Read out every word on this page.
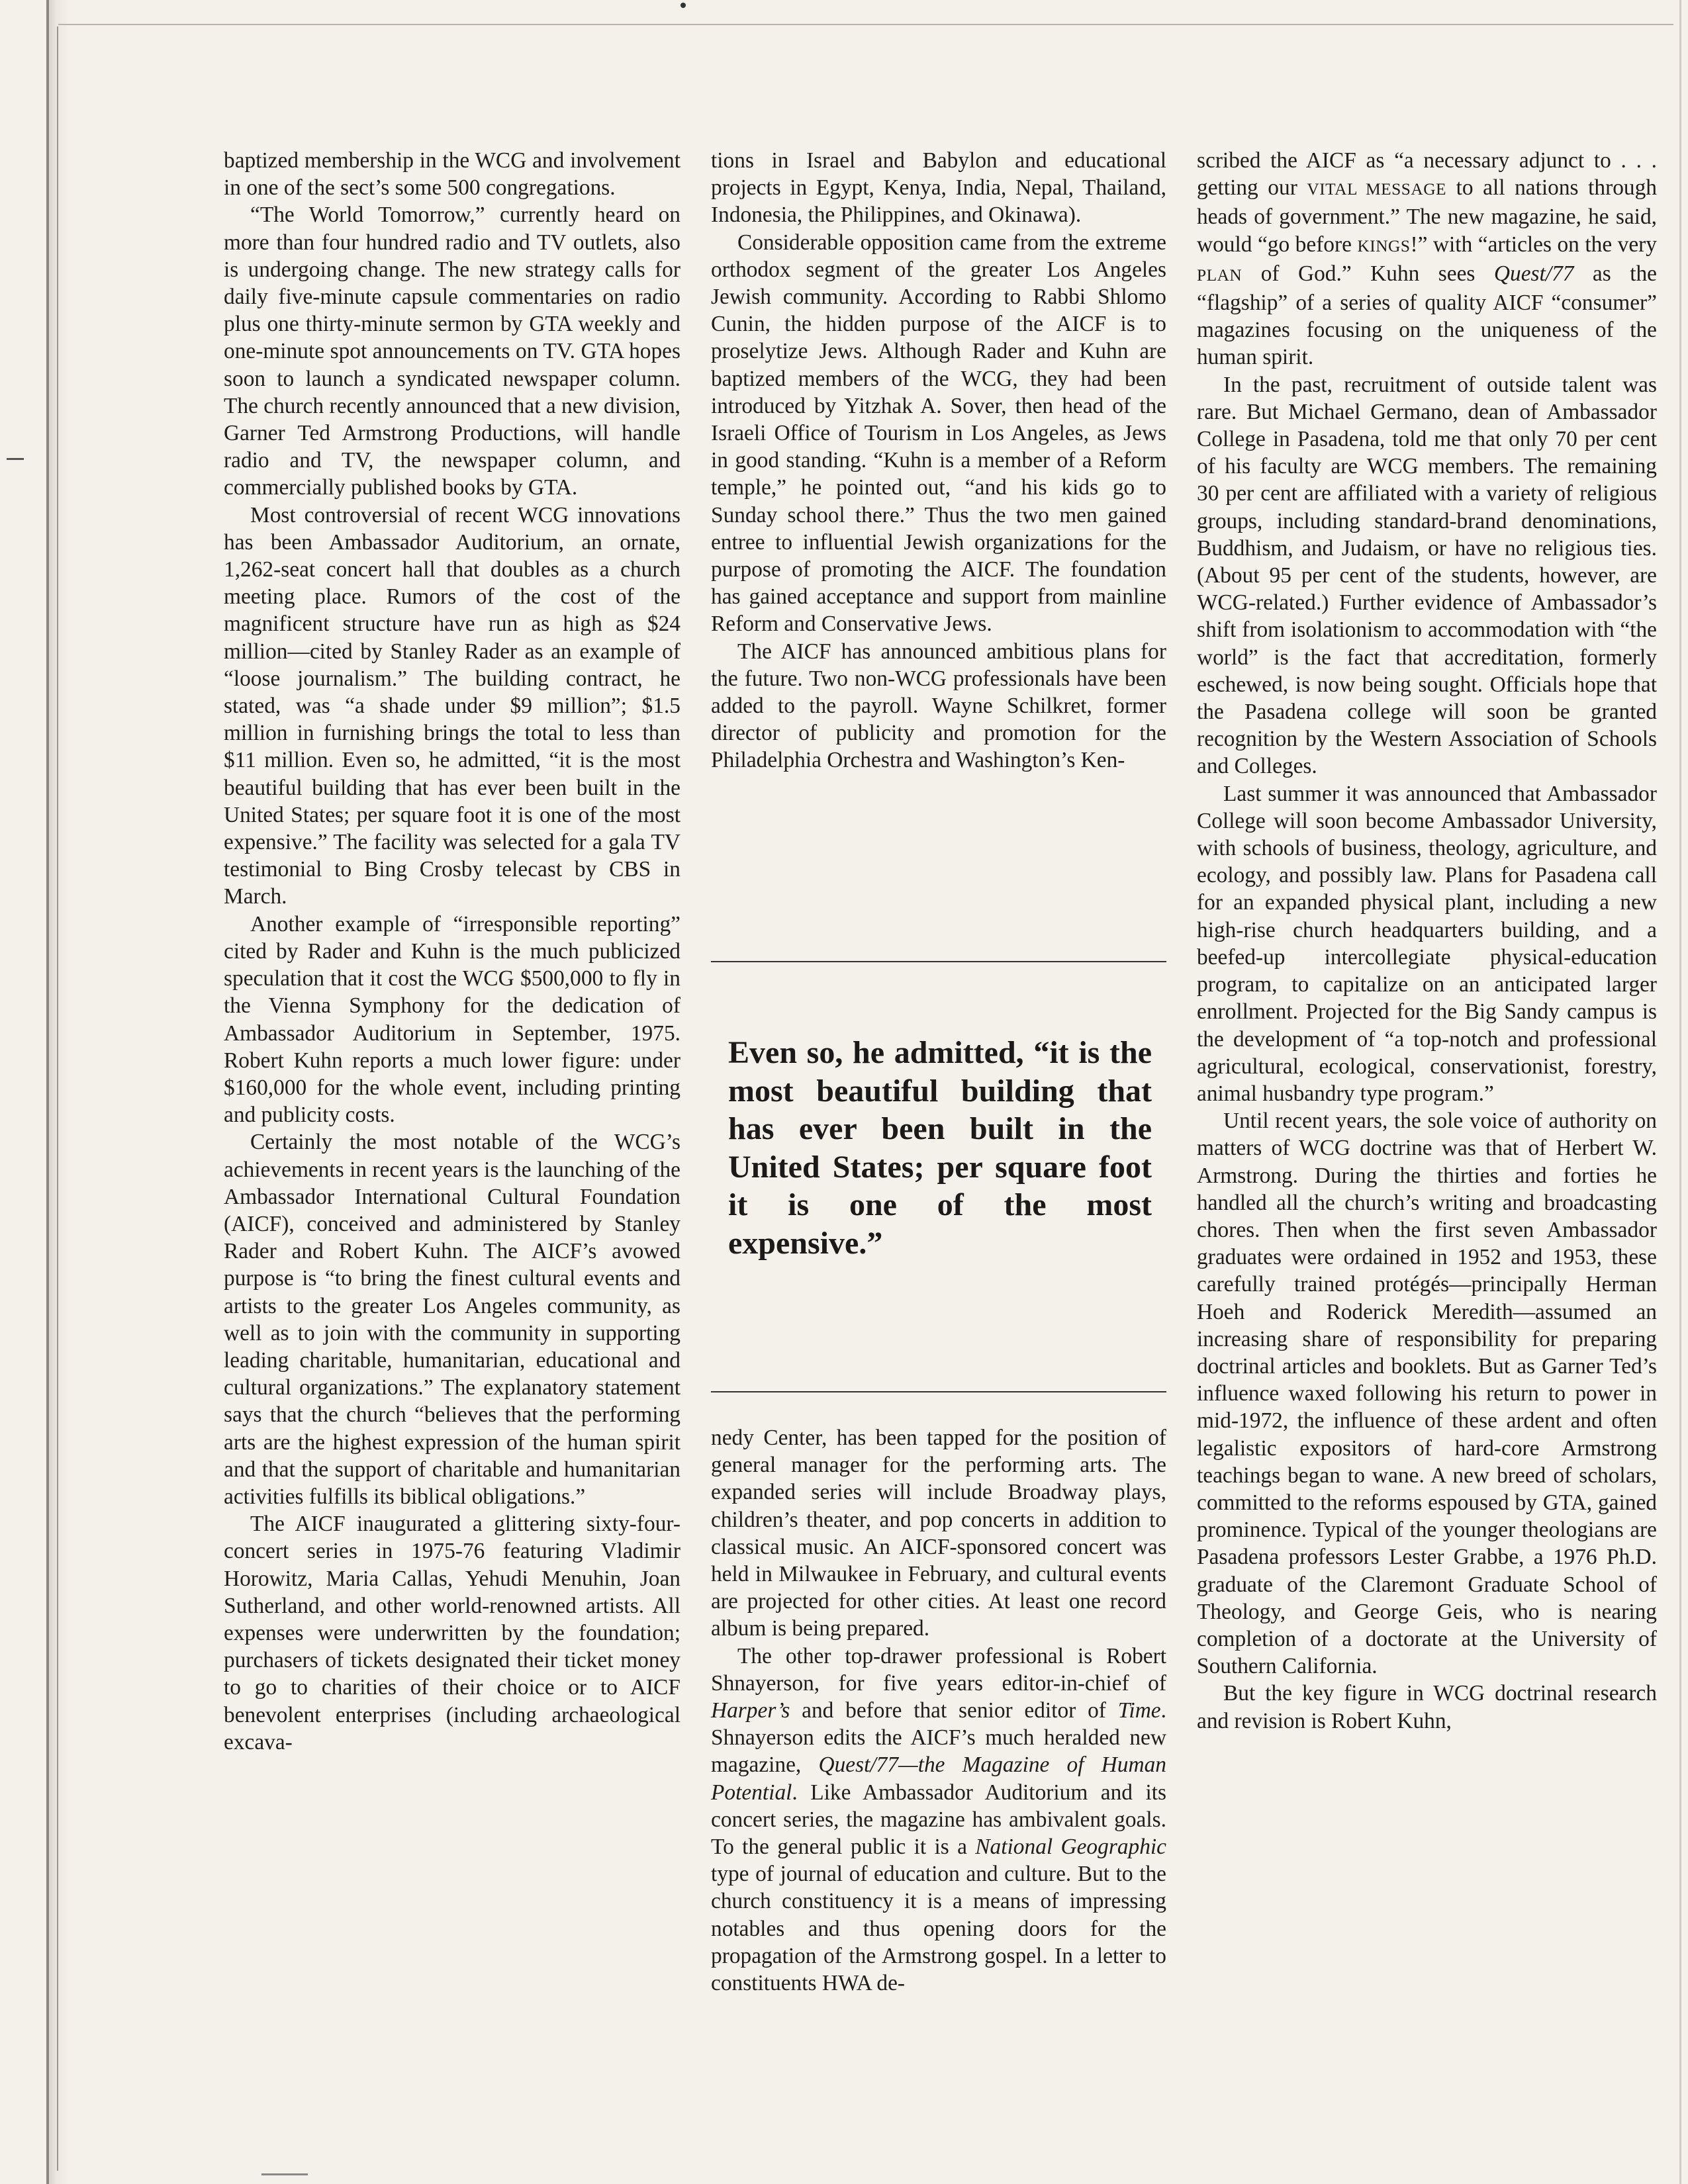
baptized membership in the WCG and involvement in one of the sect’s some 500 congregations.

“The World Tomorrow,” currently heard on more than four hundred radio and TV outlets, also is undergoing change. The new strategy calls for daily five-minute capsule commentaries on radio plus one thirty-minute sermon by GTA weekly and one-minute spot announcements on TV. GTA hopes soon to launch a syndicated newspaper column. The church recently announced that a new division, Garner Ted Armstrong Productions, will handle radio and TV, the newspaper column, and commercially published books by GTA.

Most controversial of recent WCG innovations has been Ambassador Auditorium, an ornate, 1,262-seat concert hall that doubles as a church meeting place. Rumors of the cost of the magnificent structure have run as high as $24 million—cited by Stanley Rader as an example of “loose journalism.” The building contract, he stated, was “a shade under $9 million”; $1.5 million in furnishing brings the total to less than $11 million. Even so, he admitted, “it is the most beautiful building that has ever been built in the United States; per square foot it is one of the most expensive.” The facility was selected for a gala TV testimonial to Bing Crosby telecast by CBS in March.

Another example of “irresponsible reporting” cited by Rader and Kuhn is the much publicized speculation that it cost the WCG $500,000 to fly in the Vienna Symphony for the dedication of Ambassador Auditorium in September, 1975. Robert Kuhn reports a much lower figure: under $160,000 for the whole event, including printing and publicity costs.

Certainly the most notable of the WCG’s achievements in recent years is the launching of the Ambassador International Cultural Foundation (AICF), conceived and administered by Stanley Rader and Robert Kuhn. The AICF’s avowed purpose is “to bring the finest cultural events and artists to the greater Los Angeles community, as well as to join with the community in supporting leading charitable, humanitarian, educational and cultural organizations.” The explanatory statement says that the church “believes that the performing arts are the highest expression of the human spirit and that the support of charitable and humanitarian activities fulfills its biblical obligations.”

The AICF inaugurated a glittering sixty-four-concert series in 1975-76 featuring Vladimir Horowitz, Maria Callas, Yehudi Menuhin, Joan Sutherland, and other world-renowned artists. All expenses were underwritten by the foundation; purchasers of tickets designated their ticket money to go to charities of their choice or to AICF benevolent enterprises (including archaeological excava-

tions in Israel and Babylon and educational projects in Egypt, Kenya, India, Nepal, Thailand, Indonesia, the Philippines, and Okinawa).

Considerable opposition came from the extreme orthodox segment of the greater Los Angeles Jewish community. According to Rabbi Shlomo Cunin, the hidden purpose of the AICF is to proselytize Jews. Although Rader and Kuhn are baptized members of the WCG, they had been introduced by Yitzhak A. Sover, then head of the Israeli Office of Tourism in Los Angeles, as Jews in good standing. “Kuhn is a member of a Reform temple,” he pointed out, “and his kids go to Sunday school there.” Thus the two men gained entree to influential Jewish organizations for the purpose of promoting the AICF. The foundation has gained acceptance and support from mainline Reform and Conservative Jews.

The AICF has announced ambitious plans for the future. Two non-WCG professionals have been added to the payroll. Wayne Schilkret, former director of publicity and promotion for the Philadelphia Orchestra and Washington’s Ken-

Even so, he admitted, “it is the most beautiful building that has ever been built in the United States; per square foot it is one of the most expensive.”

nedy Center, has been tapped for the position of general manager for the performing arts. The expanded series will include Broadway plays, children’s theater, and pop concerts in addition to classical music. An AICF-sponsored concert was held in Milwaukee in February, and cultural events are projected for other cities. At least one record album is being prepared.

The other top-drawer professional is Robert Shnayerson, for five years editor-in-chief of Harper’s and before that senior editor of Time. Shnayerson edits the AICF’s much heralded new magazine, Quest/77—the Magazine of Human Potential. Like Ambassador Auditorium and its concert series, the magazine has ambivalent goals. To the general public it is a National Geographic type of journal of education and culture. But to the church constituency it is a means of impressing notables and thus opening doors for the propagation of the Armstrong gospel. In a letter to constituents HWA de-

scribed the AICF as “a necessary adjunct to . . . getting our VITAL MESSAGE to all nations through heads of government.” The new magazine, he said, would “go before KINGS!” with “articles on the very PLAN of God.” Kuhn sees Quest/77 as the “flagship” of a series of quality AICF “consumer” magazines focusing on the uniqueness of the human spirit.

In the past, recruitment of outside talent was rare. But Michael Germano, dean of Ambassador College in Pasadena, told me that only 70 per cent of his faculty are WCG members. The remaining 30 per cent are affiliated with a variety of religious groups, including standard-brand denominations, Buddhism, and Judaism, or have no religious ties. (About 95 per cent of the students, however, are WCG-related.) Further evidence of Ambassador’s shift from isolationism to accommodation with “the world” is the fact that accreditation, formerly eschewed, is now being sought. Officials hope that the Pasadena college will soon be granted recognition by the Western Association of Schools and Colleges.

Last summer it was announced that Ambassador College will soon become Ambassador University, with schools of business, theology, agriculture, and ecology, and possibly law. Plans for Pasadena call for an expanded physical plant, including a new high-rise church headquarters building, and a beefed-up intercollegiate physical-education program, to capitalize on an anticipated larger enrollment. Projected for the Big Sandy campus is the development of “a top-notch and professional agricultural, ecological, conservationist, forestry, animal husbandry type program.”

Until recent years, the sole voice of authority on matters of WCG doctrine was that of Herbert W. Armstrong. During the thirties and forties he handled all the church’s writing and broadcasting chores. Then when the first seven Ambassador graduates were ordained in 1952 and 1953, these carefully trained protégés—principally Herman Hoeh and Roderick Meredith—assumed an increasing share of responsibility for preparing doctrinal articles and booklets. But as Garner Ted’s influence waxed following his return to power in mid-1972, the influence of these ardent and often legalistic expositors of hard-core Armstrong teachings began to wane. A new breed of scholars, committed to the reforms espoused by GTA, gained prominence. Typical of the younger theologians are Pasadena professors Lester Grabbe, a 1976 Ph.D. graduate of the Claremont Graduate School of Theology, and George Geis, who is nearing completion of a doctorate at the University of Southern California.

But the key figure in WCG doctrinal research and revision is Robert Kuhn,
